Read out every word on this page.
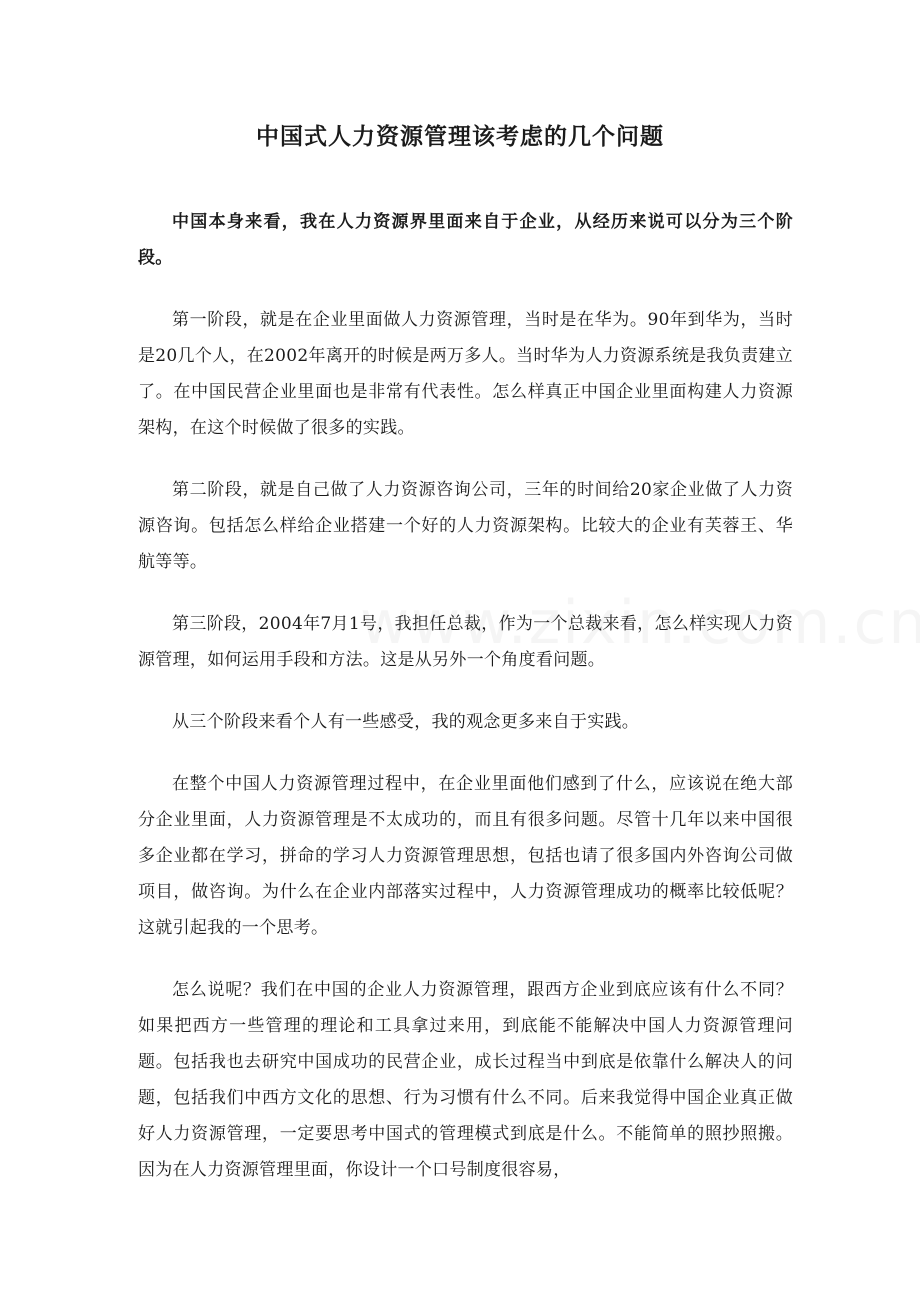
中国式人力资源管理该考虑的几个问题

中国本身来看，我在人力资源界里面来自于企业，从经历来说可以分为三个阶段。

第一阶段，就是在企业里面做人力资源管理，当时是在华为。90年到华为，当时是20几个人，在2002年离开的时候是两万多人。当时华为人力资源系统是我负责建立了。在中国民营企业里面也是非常有代表性。怎么样真正中国企业里面构建人力资源架构，在这个时候做了很多的实践。

第二阶段，就是自己做了人力资源咨询公司，三年的时间给20家企业做了人力资源咨询。包括怎么样给企业搭建一个好的人力资源架构。比较大的企业有芙蓉王、华航等等。

第三阶段，2004年7月1号，我担任总裁，作为一个总裁来看，怎么样实现人力资源管理，如何运用手段和方法。这是从另外一个角度看问题。

从三个阶段来看个人有一些感受，我的观念更多来自于实践。

在整个中国人力资源管理过程中，在企业里面他们感到了什么，应该说在绝大部分企业里面，人力资源管理是不太成功的，而且有很多问题。尽管十几年以来中国很多企业都在学习，拼命的学习人力资源管理思想，包括也请了很多国内外咨询公司做项目，做咨询。为什么在企业内部落实过程中，人力资源管理成功的概率比较低呢？这就引起我的一个思考。

怎么说呢？我们在中国的企业人力资源管理，跟西方企业到底应该有什么不同？如果把西方一些管理的理论和工具拿过来用，到底能不能解决中国人力资源管理问题。包括我也去研究中国成功的民营企业，成长过程当中到底是依靠什么解决人的问题，包括我们中西方文化的思想、行为习惯有什么不同。后来我觉得中国企业真正做好人力资源管理，一定要思考中国式的管理模式到底是什么。不能简单的照抄照搬。因为在人力资源管理里面，你设计一个口号制度很容易，
